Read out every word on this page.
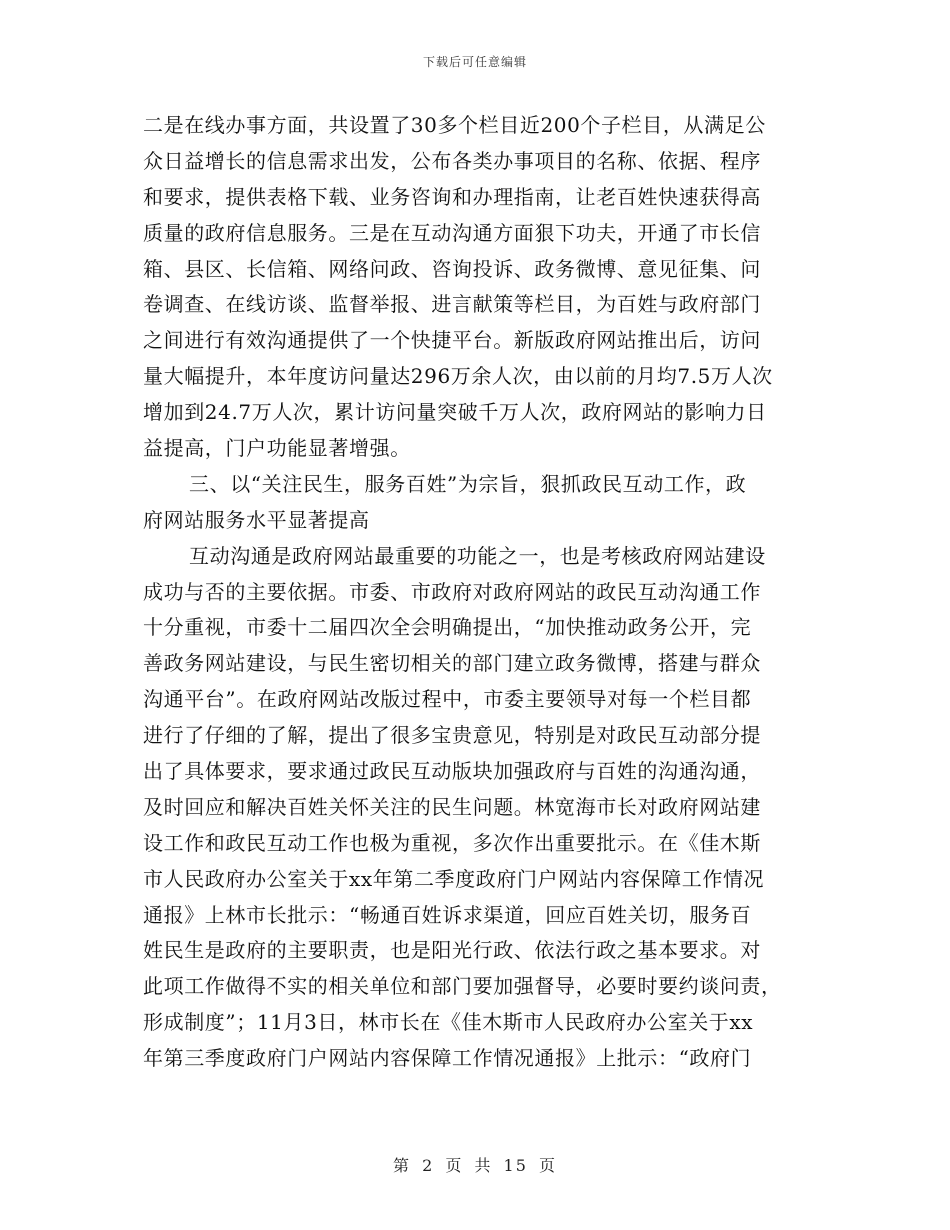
下载后可任意编辑
二是在线办事方面，共设置了30多个栏目近200个子栏目，从满足公
众日益增长的信息需求出发，公布各类办事项目的名称、依据、程序
和要求，提供表格下载、业务咨询和办理指南，让老百姓快速获得高
质量的政府信息服务。三是在互动沟通方面狠下功夫，开通了市长信
箱、县区、长信箱、网络问政、咨询投诉、政务微博、意见征集、问
卷调查、在线访谈、监督举报、进言献策等栏目，为百姓与政府部门
之间进行有效沟通提供了一个快捷平台。新版政府网站推出后，访问
量大幅提升，本年度访问量达296万余人次，由以前的月均7.5万人次
增加到24.7万人次，累计访问量突破千万人次，政府网站的影响力日
益提高，门户功能显著增强。
三、以“关注民生，服务百姓”为宗旨，狠抓政民互动工作，政
府网站服务水平显著提高
互动沟通是政府网站最重要的功能之一，也是考核政府网站建设
成功与否的主要依据。市委、市政府对政府网站的政民互动沟通工作
十分重视，市委十二届四次全会明确提出，“加快推动政务公开，完
善政务网站建设，与民生密切相关的部门建立政务微博，搭建与群众
沟通平台”。在政府网站改版过程中，市委主要领导对每一个栏目都
进行了仔细的了解，提出了很多宝贵意见，特别是对政民互动部分提
出了具体要求，要求通过政民互动版块加强政府与百姓的沟通沟通，
及时回应和解决百姓关怀关注的民生问题。林宽海市长对政府网站建
设工作和政民互动工作也极为重视，多次作出重要批示。在《佳木斯
市人民政府办公室关于xx年第二季度政府门户网站内容保障工作情况
通报》上林市长批示：“畅通百姓诉求渠道，回应百姓关切，服务百
姓民生是政府的主要职责，也是阳光行政、依法行政之基本要求。对
此项工作做得不实的相关单位和部门要加强督导，必要时要约谈问责，
形成制度”；11月3日，林市长在《佳木斯市人民政府办公室关于xx
年第三季度政府门户网站内容保障工作情况通报》上批示：“政府门
第 2 页 共 15 页
